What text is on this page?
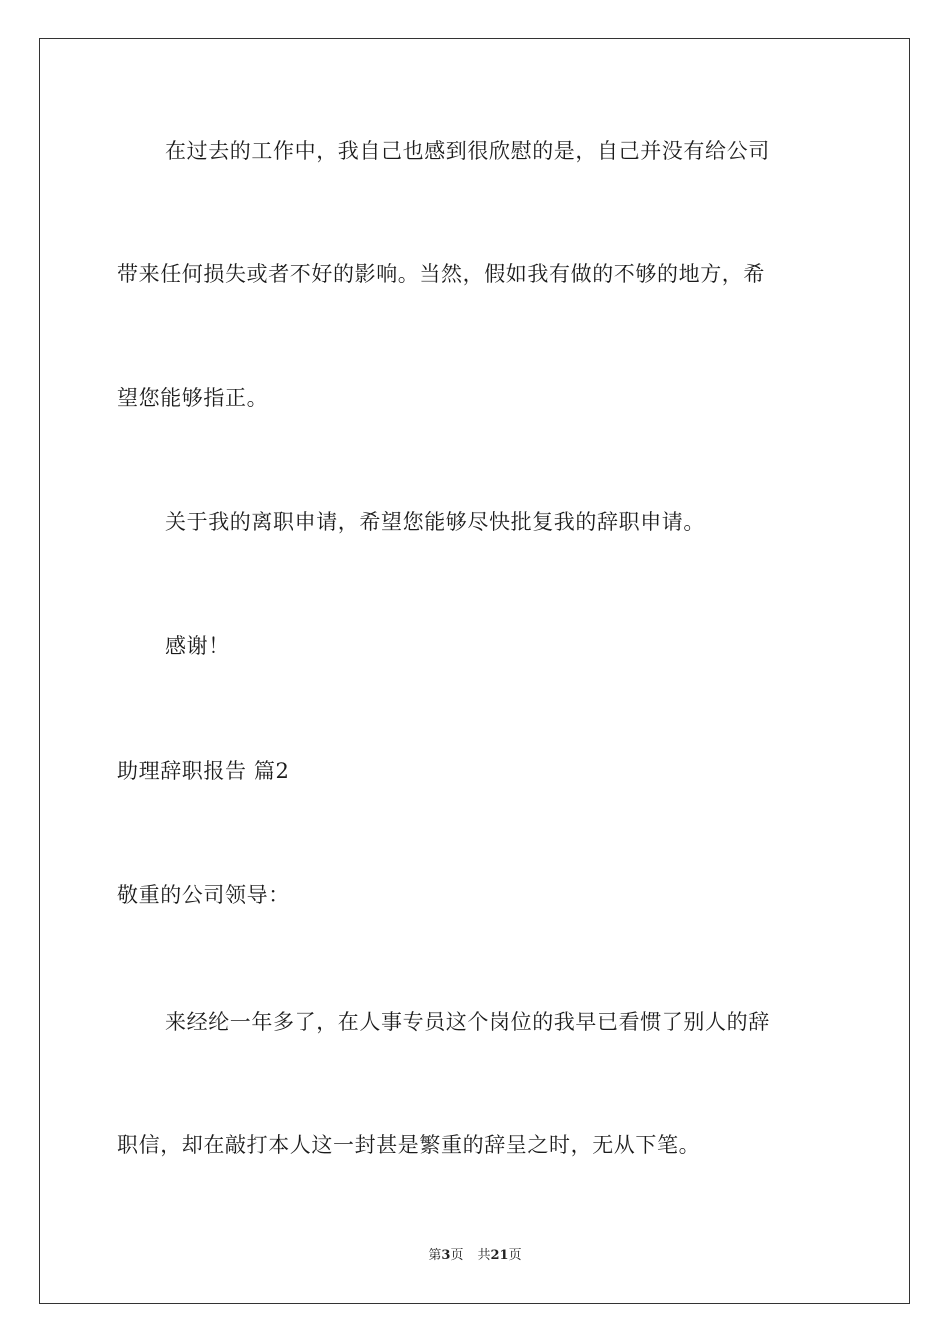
在过去的工作中，我自己也感到很欣慰的是，自己并没有给公司
带来任何损失或者不好的影响。当然，假如我有做的不够的地方，希
望您能够指正。
关于我的离职申请，希望您能够尽快批复我的辞职申请。
感谢！
助理辞职报告 篇2
敬重的公司领导：
来经纶一年多了，在人事专员这个岗位的我早已看惯了别人的辞
职信，却在敲打本人这一封甚是繁重的辞呈之时，无从下笔。
第3页 共21页
